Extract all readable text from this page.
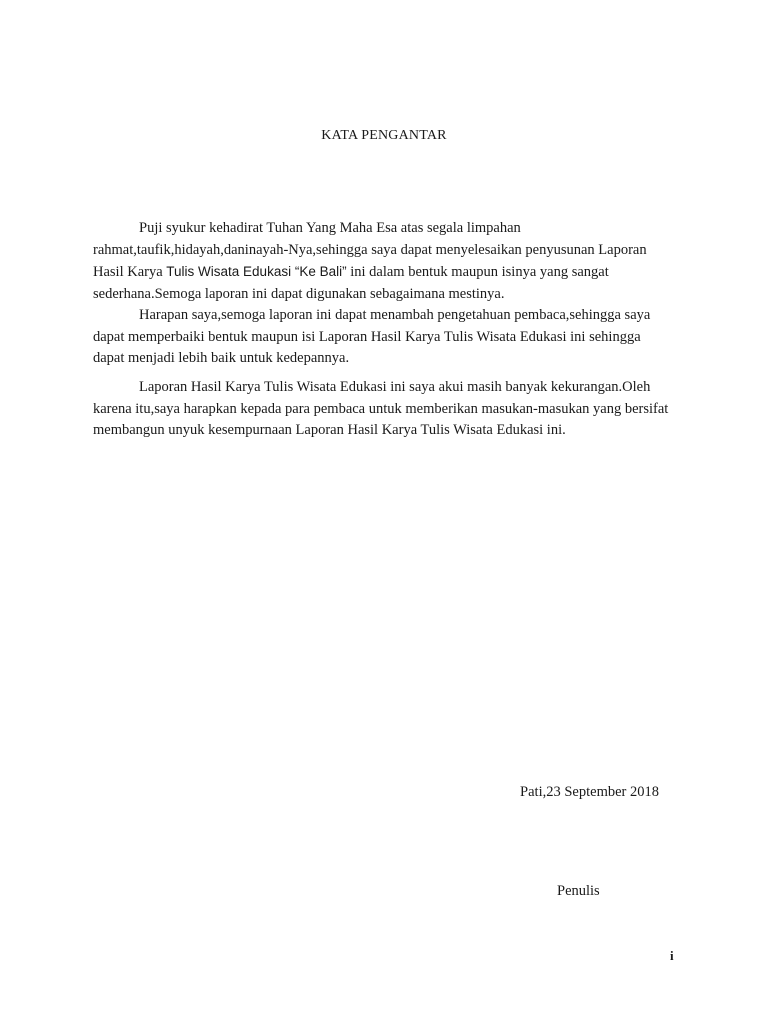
KATA PENGANTAR

Puji syukur kehadirat Tuhan Yang Maha Esa atas segala limpahan rahmat,taufik,hidayah,daninayah-Nya,sehingga saya dapat menyelesaikan penyusunan Laporan Hasil Karya Tulis Wisata Edukasi “Ke Bali” ini dalam bentuk maupun isinya yang sangat sederhana.Semoga laporan ini dapat digunakan sebagaimana mestinya.

Harapan saya,semoga laporan ini dapat menambah pengetahuan pembaca,sehingga saya dapat memperbaiki bentuk maupun isi Laporan Hasil Karya Tulis Wisata Edukasi ini sehingga dapat menjadi lebih baik untuk kedepannya.

Laporan Hasil Karya Tulis Wisata Edukasi ini saya akui masih banyak kekurangan.Oleh karena itu,saya harapkan kepada para pembaca untuk memberikan masukan-masukan yang bersifat membangun unyuk kesempurnaan Laporan Hasil Karya Tulis Wisata Edukasi ini.

Pati,23 September 2018
Penulis
i
